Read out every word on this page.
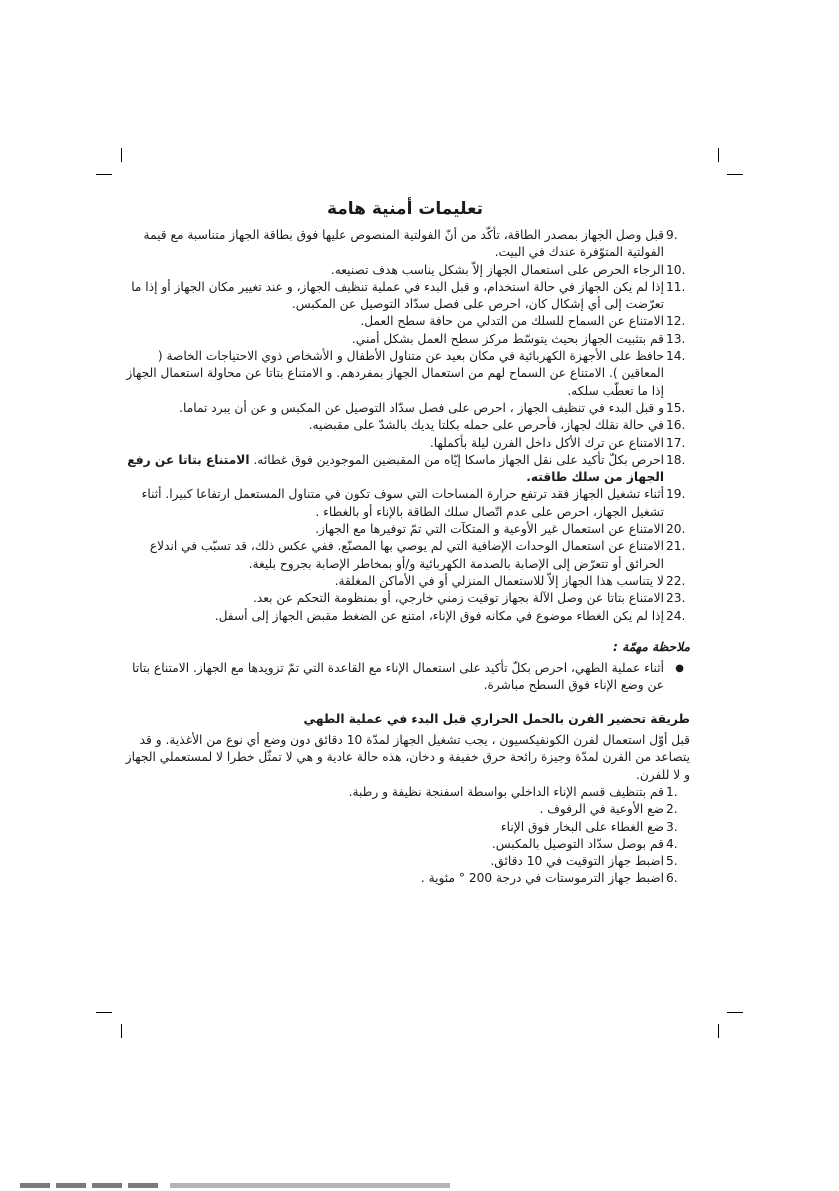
تعليمات أمنية هامة
9.
قبل وصل الجهاز بمصدر الطاقة، تأكّد من أنّ الفولتية المنصوص عليها فوق بطاقة الجهاز متناسبة مع قيمة الفولتية المتوّفرة عندك في البيت.
10.
الرجاء الحرص على استعمال الجهاز إلاّ بشكل يناسب هدف تصنيعه.
11.
إذا لم يكن الجهاز في حالة استخدام، و قبل البدء في عملية تنظيف الجهاز، و عند تغيير مكان الجهاز أو إذا ما تعرّضت إلى أي إشكال كان، احرص على فصل سدّاد التوصيل عن المكبس.
12.
الامتناع عن السماح للسلك من التدلي من حافة سطح العمل.
13.
قم بتثبيت الجهاز بحيث يتوسّط مركز سطح العمل بشكل أمني.
14.
حافظ على الأجهزة الكهربائية في مكان بعيد عن متناول الأطفال و الأشخاص ذوي الاحتياجات الخاصة ( المعاقين ). الامتناع عن السماح لهم من استعمال الجهاز بمفردهم. و الامتناع بتاتا عن محاولة استعمال الجهاز إذا ما تعطّب سلكه.
15.
و قبل البدء في تنظيف الجهاز ، احرص على فصل سدّاد التوصيل عن المكبس و عن أن يبرد تماما.
16.
في حالة نقلك لجهاز، فأحرص على حمله بكلتا يديك بالشدّ على مقبضيه.
17.
الامتناع عن ترك الأكل داخل الفرن ليلة بأكملها.
18.
احرص بكلّ تأكيد على نقل الجهاز ماسكا إيّاه من المقبضين الموجودين فوق غطائه. الامتناع بتاتا عن رفع الجهاز من سلك طاقته.
19.
أثناء تشغيل الجهاز فقد ترتفع حرارة المساحات التي سوف تكون في متناول المستعمل ارتفاعا كبيرا. أثناء تشغيل الجهاز، احرص على عدم اتّصال سلك الطاقة بالإناء أو بالغطاء .
20.
الامتناع عن استعمال غير الأوعية و المتكآت التي تمّ توفيرها مع الجهاز.
21.
الامتناع عن استعمال الوحدات الإضافية التي لم يوصي بها المصنّع. ففي عكس ذلك، قد تسبّب في اندلاع الحرائق أو تتعرّض إلى الإصابة بالصدمة الكهربائية و/أو بمخاطر الإصابة بجروح بليغة.
22.
لا يتناسب هذا الجهاز إلاّ للاستعمال المنزلي أو في الأماكن المغلقة.
23.
الامتناع بتاتا عن وصل الآلة بجهاز توقيت زمني خارجي، أو بمنظومة التحكم عن بعد.
24.
إذا لم يكن الغطاء موضوع في مكانه فوق الإناء، امتنع عن الضغط مقبض الجهاز إلى أسفل.
ملاحظة مهمّة :
●
أثناء عملية الطهي، احرص بكلّ تأكيد على استعمال الإناء مع القاعدة التي تمّ تزويدها مع الجهاز. الامتناع بتاتا عن وضع الإناء فوق السطح مباشرة.
طريقة تحضير الفرن بالحمل الحراري قبل البدء في عملية الطهي

قبل أوّل استعمال لفرن الكونفيكسيون ، يجب تشغيل الجهاز لمدّة 10 دقائق دون وضع أي نوع من الأغذية. و قد يتصاعد من الفرن لمدّة وجيزة رائحة حرق خفيفة و دخان، هذه حالة عادية و هي لا تمثّل خطرا لا لمستعملي الجهاز و لا للفرن.

1.
قم بتنظيف قسم الإناء الداخلي بواسطة اسفنجة نظيفة و رطبة.
2.
ضع الأوعية في الرفوف .
3.
ضع الغطاء على البخار فوق الإناء
4.
قم بوصل سدّاد التوصيل بالمكبس.
5.
اضبط جهاز التوقيت في 10 دقائق.
6.
اضبط جهاز الترموستات في درجة 200 ° مئوية .
